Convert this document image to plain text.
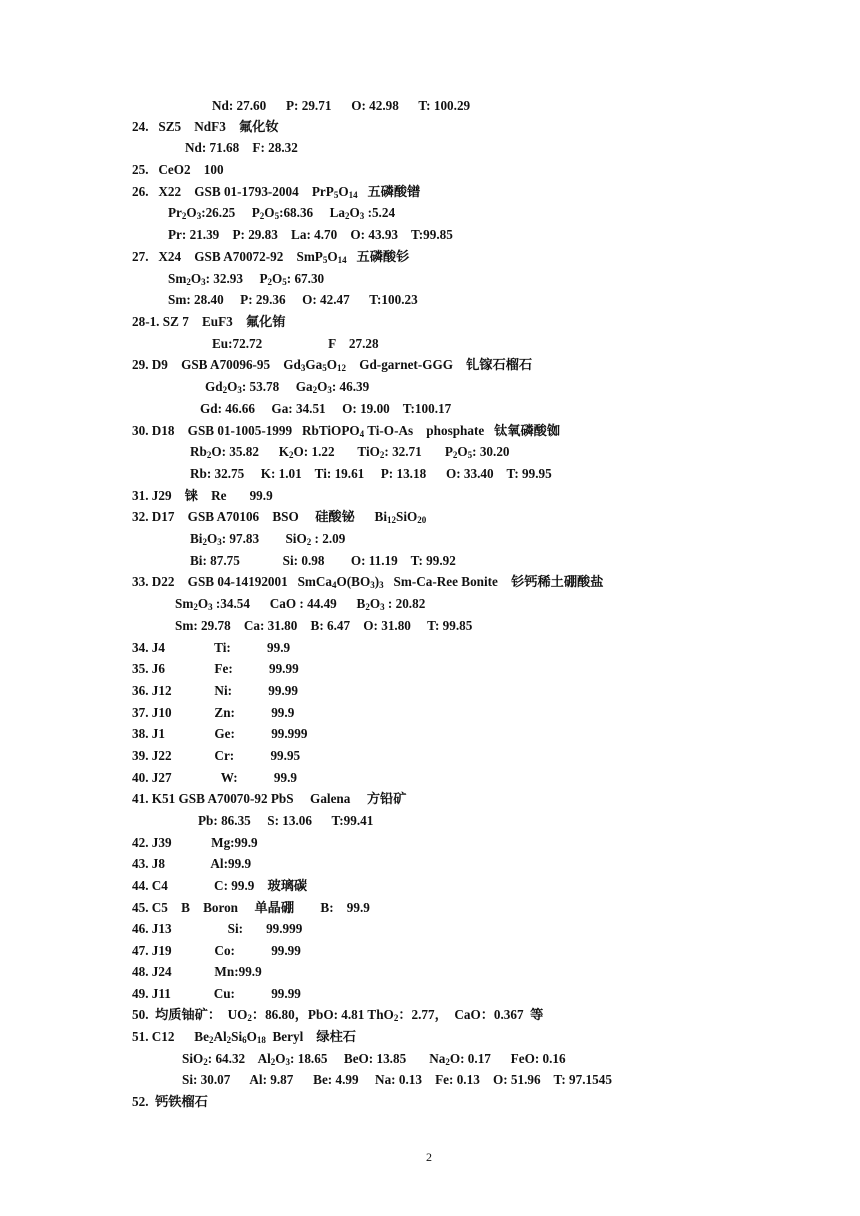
Nd: 27.60      P: 29.71      O: 42.98      T: 100.29
24.   SZ5    NdF3    氟化钕
Nd: 71.68    F: 28.32
25.   CeO2    100
26.   X22    GSB 01-1793-2004    $PrP_5O_{14}$   五磷酸镨
$Pr_2O_3:26.25$     $P_2O_5:68.36$     $La_2O_3$ :5.24
Pr: 21.39    P: 29.83    La: 4.70    O: 43.93    T:99.85
27.   X24    GSB A70072-92    $SmP_5O_{14}$   五磷酸钐
$Sm_2O_3$: 32.93     $P_2O_5$: 67.30
Sm: 28.40     P: 29.36     O: 42.47      T:100.23
28-1. SZ 7    EuF3    氟化铕
Eu:72.72                    F    27.28
29. D9    GSB A70096-95    $Gd_3Ga_5O_{12}$    Gd-garnet-GGG    钆镓石榴石
$Gd_2O_3$: 53.78     $Ga_2O_3$: 46.39
Gd: 46.66     Ga: 34.51     O: 19.00    T:100.17
30. D18    GSB 01-1005-1999   RbTiOPO$_4$ Ti-O-As    phosphate   钛氧磷酸铷
$Rb_2O$: 35.82      $K_2O$: 1.22       TiO$_2$: 32.71       $P_2O_5$: 30.20
Rb: 32.75     K: 1.01    Ti: 19.61     P: 13.18      O: 33.40    T: 99.95
31. J29    铼    Re       99.9
32. D17    GSB A70106    BSO     硅酸铋      $Bi_{12}SiO_{20}$
$Bi_2O_3$: 97.83        SiO$_2$ : 2.09
Bi: 87.75             Si: 0.98        O: 11.19    T: 99.92
33. D22    GSB 04-14192001   $SmCa_4O(BO_3)_3$   Sm-Ca-Ree Bonite    钐钙稀土硼酸盐
$Sm_2O_3$ :34.54      CaO : 44.49      $B_2O_3$ : 20.82
Sm: 29.78    Ca: 31.80    B: 6.47    O: 31.80     T: 99.85
34. J4               Ti:           99.9
35. J6               Fe:           99.99
36. J12             Ni:           99.99
37. J10             Zn:           99.9
38. J1               Ge:           99.999
39. J22             Cr:           99.95
40. J27               W:           99.9
41. K51 GSB A70070-92 PbS     Galena     方铅矿
Pb: 86.35     S: 13.06      T:99.41
42. J39            Mg:99.9
43. J8              Al:99.9
44. C4              C: 99.9    玻璃碳
45. C5    B    Boron     单晶硼        B:    99.9
46. J13                 Si:       99.999
47. J19             Co:           99.99
48. J24             Mn:99.9
49. J11             Cu:           99.99
50.  均质铀矿：  $UO_2$：86.80，PbO: 4.81 ThO$_2$：2.77，  CaO：0.367  等
51. C12      $Be_2Al_2Si_6O_{18}$  Beryl    绿柱石
SiO$_2$: 64.32    $Al_2O_3$: 18.65     BeO: 13.85       $Na_2O$: 0.17      FeO: 0.16
Si: 30.07      Al: 9.87      Be: 4.99     Na: 0.13    Fe: 0.13    O: 51.96    T: 97.1545
52.  钙铁榴石
2
